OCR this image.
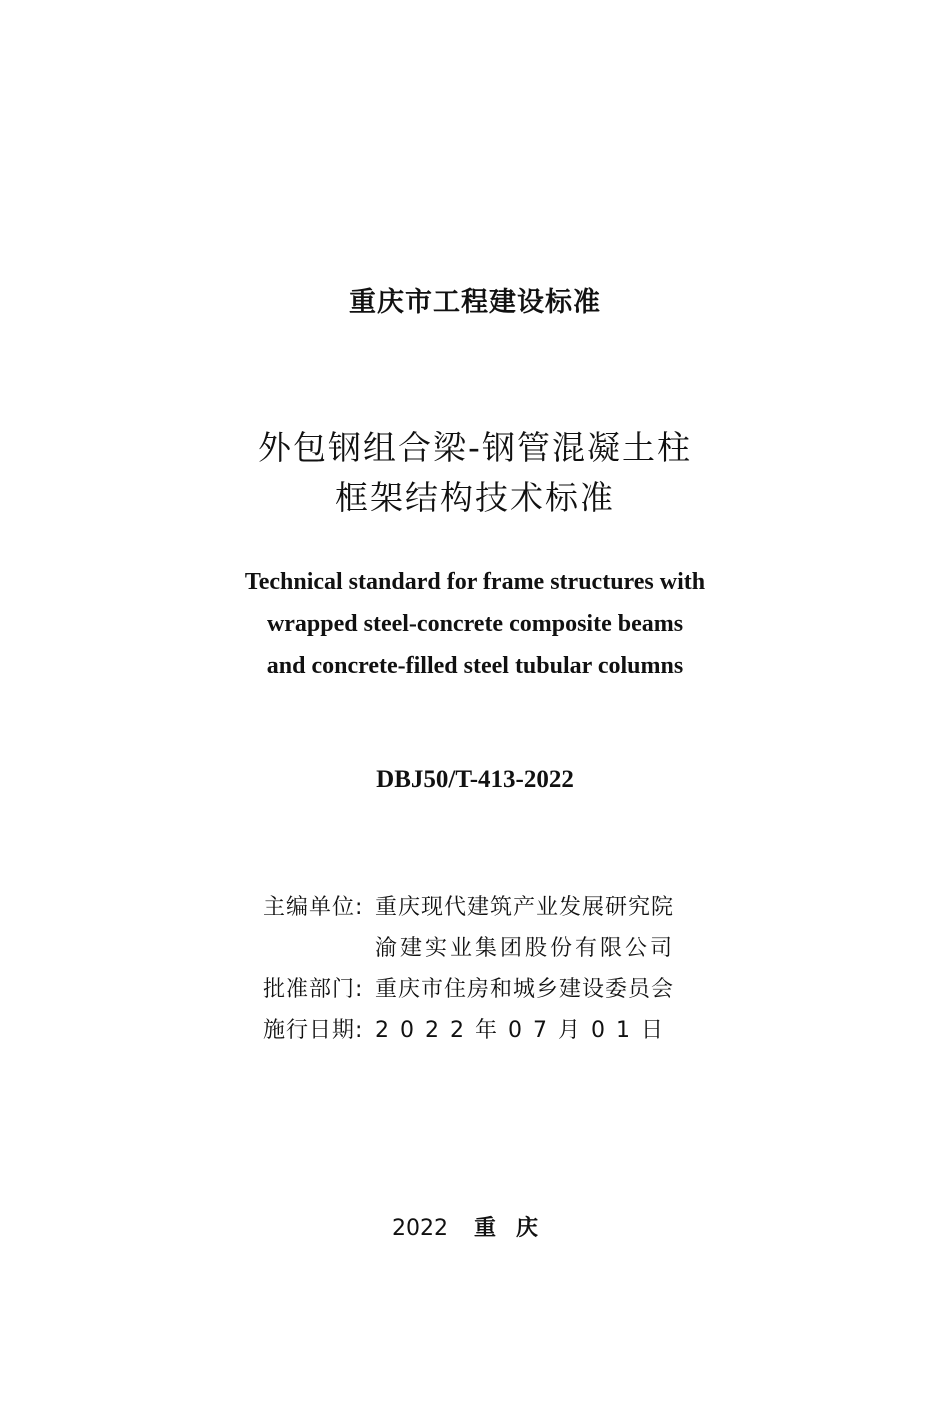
重庆市工程建设标准
外包钢组合梁-钢管混凝土柱
框架结构技术标准
Technical standard for frame structures with
wrapped steel-concrete composite beams
and concrete-filled steel tubular columns
DBJ50/T-413-2022
主编单位: 重庆现代建筑产业发展研究院
渝建实业集团股份有限公司
批准部门: 重庆市住房和城乡建设委员会
施行日期: 2022年07月01日
2022 重庆
